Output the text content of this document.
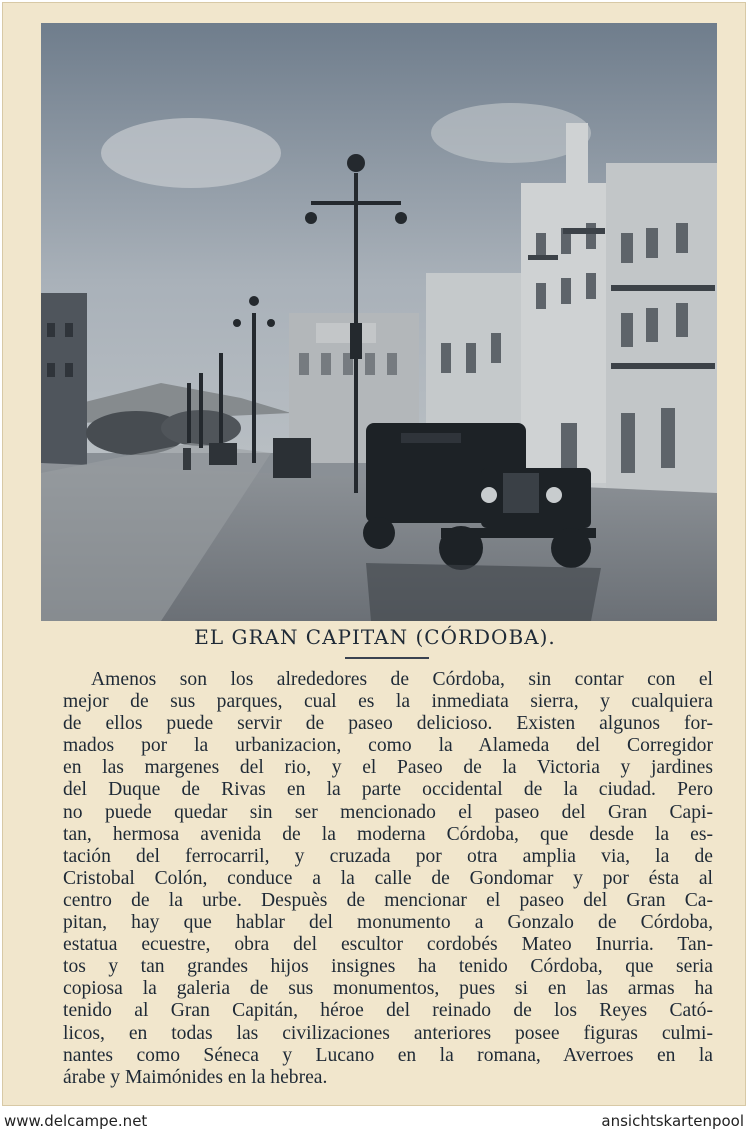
EL GRAN CAPITAN (CÓRDOBA).
Amenos son los alrededores de Córdoba, sin contar con el
mejor de sus parques, cual es la inmediata sierra, y cualquiera
de ellos puede servir de paseo delicioso. Existen algunos for-
mados por la urbanizacion, como la Alameda del Corregidor
en las margenes del rio, y el Paseo de la Victoria y jardines
del Duque de Rivas en la parte occidental de la ciudad. Pero
no puede quedar sin ser mencionado el paseo del Gran Capi-
tan, hermosa avenida de la moderna Córdoba, que desde la es-
tación del ferrocarril, y cruzada por otra amplia via, la de
Cristobal Colón, conduce a la calle de Gondomar y por ésta al
centro de la urbe. Despuès de mencionar el paseo del Gran Ca-
pitan, hay que hablar del monumento a Gonzalo de Córdoba,
estatua ecuestre, obra del escultor cordobés Mateo Inurria. Tan-
tos y tan grandes hijos insignes ha tenido Córdoba, que seria
copiosa la galeria de sus monumentos, pues si en las armas ha
tenido al Gran Capitán, héroe del reinado de los Reyes Cató-
licos, en todas las civilizaciones anteriores posee figuras culmi-
nantes como Séneca y Lucano en la romana, Averroes en la
árabe y Maimónides en la hebrea.
www.delcampe.net	ansichtskartenpool
